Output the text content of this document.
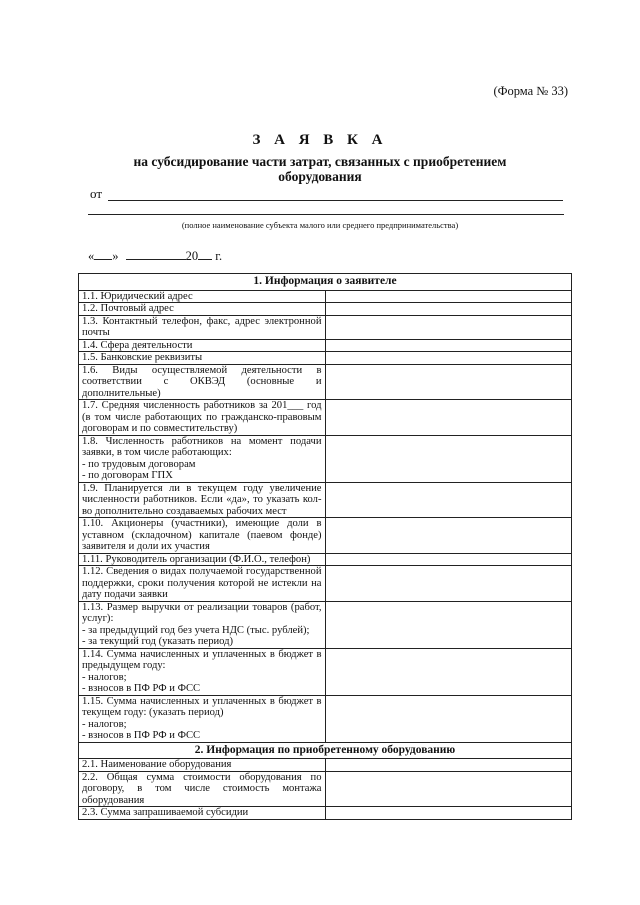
(Форма № 33)
З А Я В К А
на субсидирование части затрат, связанных с приобретением
оборудования
от
(полное наименование субъекта малого или среднего предпринимательства)
« »	20 г.
1. Информация о заявителе	

1.1. Юридический адрес	

1.2. Почтовый адрес	

1.3. Контактный телефон, факс, адрес электронной почты	

1.4. Сфера деятельности	

1.5. Банковские реквизиты	

1.6. Виды осуществляемой деятельности в соответствии с ОКВЭД (основные и дополнительные)	

1.7. Средняя численность работников за 201___ год (в том числе работающих по гражданско-правовым договорам и по совместительству)	

1.8. Численность работников на момент подачи заявки, в том числе работающих:
- по трудовым договорам
- по договорам ГПХ	

1.9. Планируется ли в текущем году увеличение численности работников. Если «да», то указать кол-во дополнительно создаваемых рабочих мест	

1.10. Акционеры (участники), имеющие доли в уставном (складочном) капитале (паевом фонде) заявителя и доли их участия	

1.11. Руководитель организации (Ф.И.О., телефон)	

1.12. Сведения о видах получаемой государственной поддержки, сроки получения которой не истекли на дату подачи заявки	

1.13. Размер выручки от реализации товаров (работ, услуг):
- за предыдущий год без учета НДС (тыс. рублей);
- за текущий год (указать период)	

1.14. Сумма начисленных и уплаченных в бюджет в предыдущем году:
- налогов;
- взносов в ПФ РФ и ФСС	

1.15. Сумма начисленных и уплаченных в бюджет в текущем году: (указать период)
- налогов;
- взносов в ПФ РФ и ФСС	

2. Информация по приобретенному оборудованию	

2.1. Наименование оборудования	

2.2. Общая сумма стоимости оборудования по договору, в том числе стоимость монтажа оборудования	

2.3. Сумма запрашиваемой субсидии	
